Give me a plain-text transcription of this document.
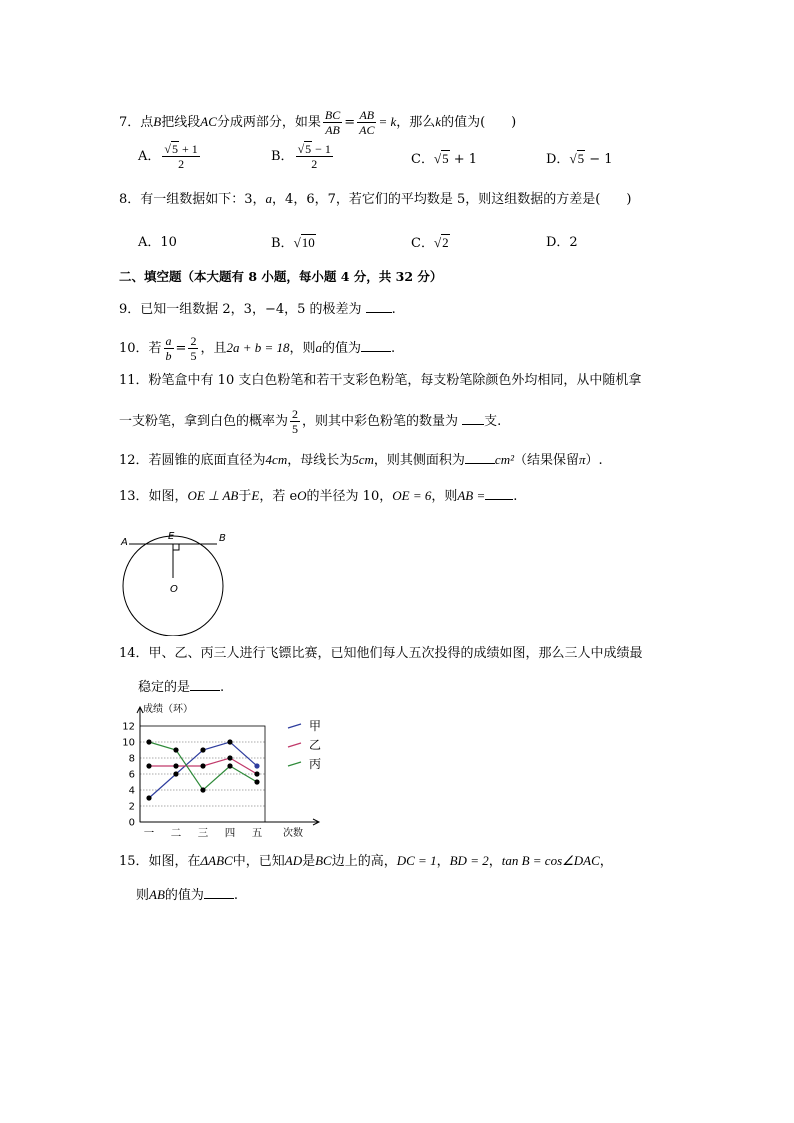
7．点B把线段AC分成两部分，如果 $\frac{BC}{AB} = \frac{AB}{AC} = k$，那么k的值为(　　)
A． $\frac{√5 + 1}{2}$	B． $\frac{√5 - 1}{2}$	C．√5 + 1	D．√5 − 1
8．有一组数据如下：3，a，4，6，7，若它们的平均数是 5，则这组数据的方差是(　　)
A．10	B．√10	C．√2	D．2
二、填空题（本大题有 8 小题，每小题 4 分，共 32 分）
9．已知一组数据 2，3，−4，5 的极差为 .
10．若 $\frac{a}{b} = \frac{2}{5}$ ，且2a + b = 18，则a的值为 .
11．粉笔盒中有 10 支白色粉笔和若干支彩色粉笔，每支粉笔除颜色外均相同，从中随机拿
一支粉笔，拿到白色的概率为 $\frac{2}{5}$ ，则其中彩色粉笔的数量为 支.
12．若圆锥的底面直径为4cm，母线长为5cm，则其侧面积为 cm²（结果保留π）.
13．如图，OE ⊥ AB于E，若 eO的半径为 10，OE = 6，则AB = .
A	B
E
O
14．甲、乙、丙三人进行飞镖比赛，已知他们每人五次投得的成绩如图，那么三人中成绩最
稳定的是 .
成绩（环）
次数
0
2
4
6
8
10
12
一 二 三 四 五
甲
乙
丙
15．如图，在ΔABC中，已知AD是BC边上的高，DC = 1，BD = 2，tan B = cos∠DAC，
则AB的值为 .
